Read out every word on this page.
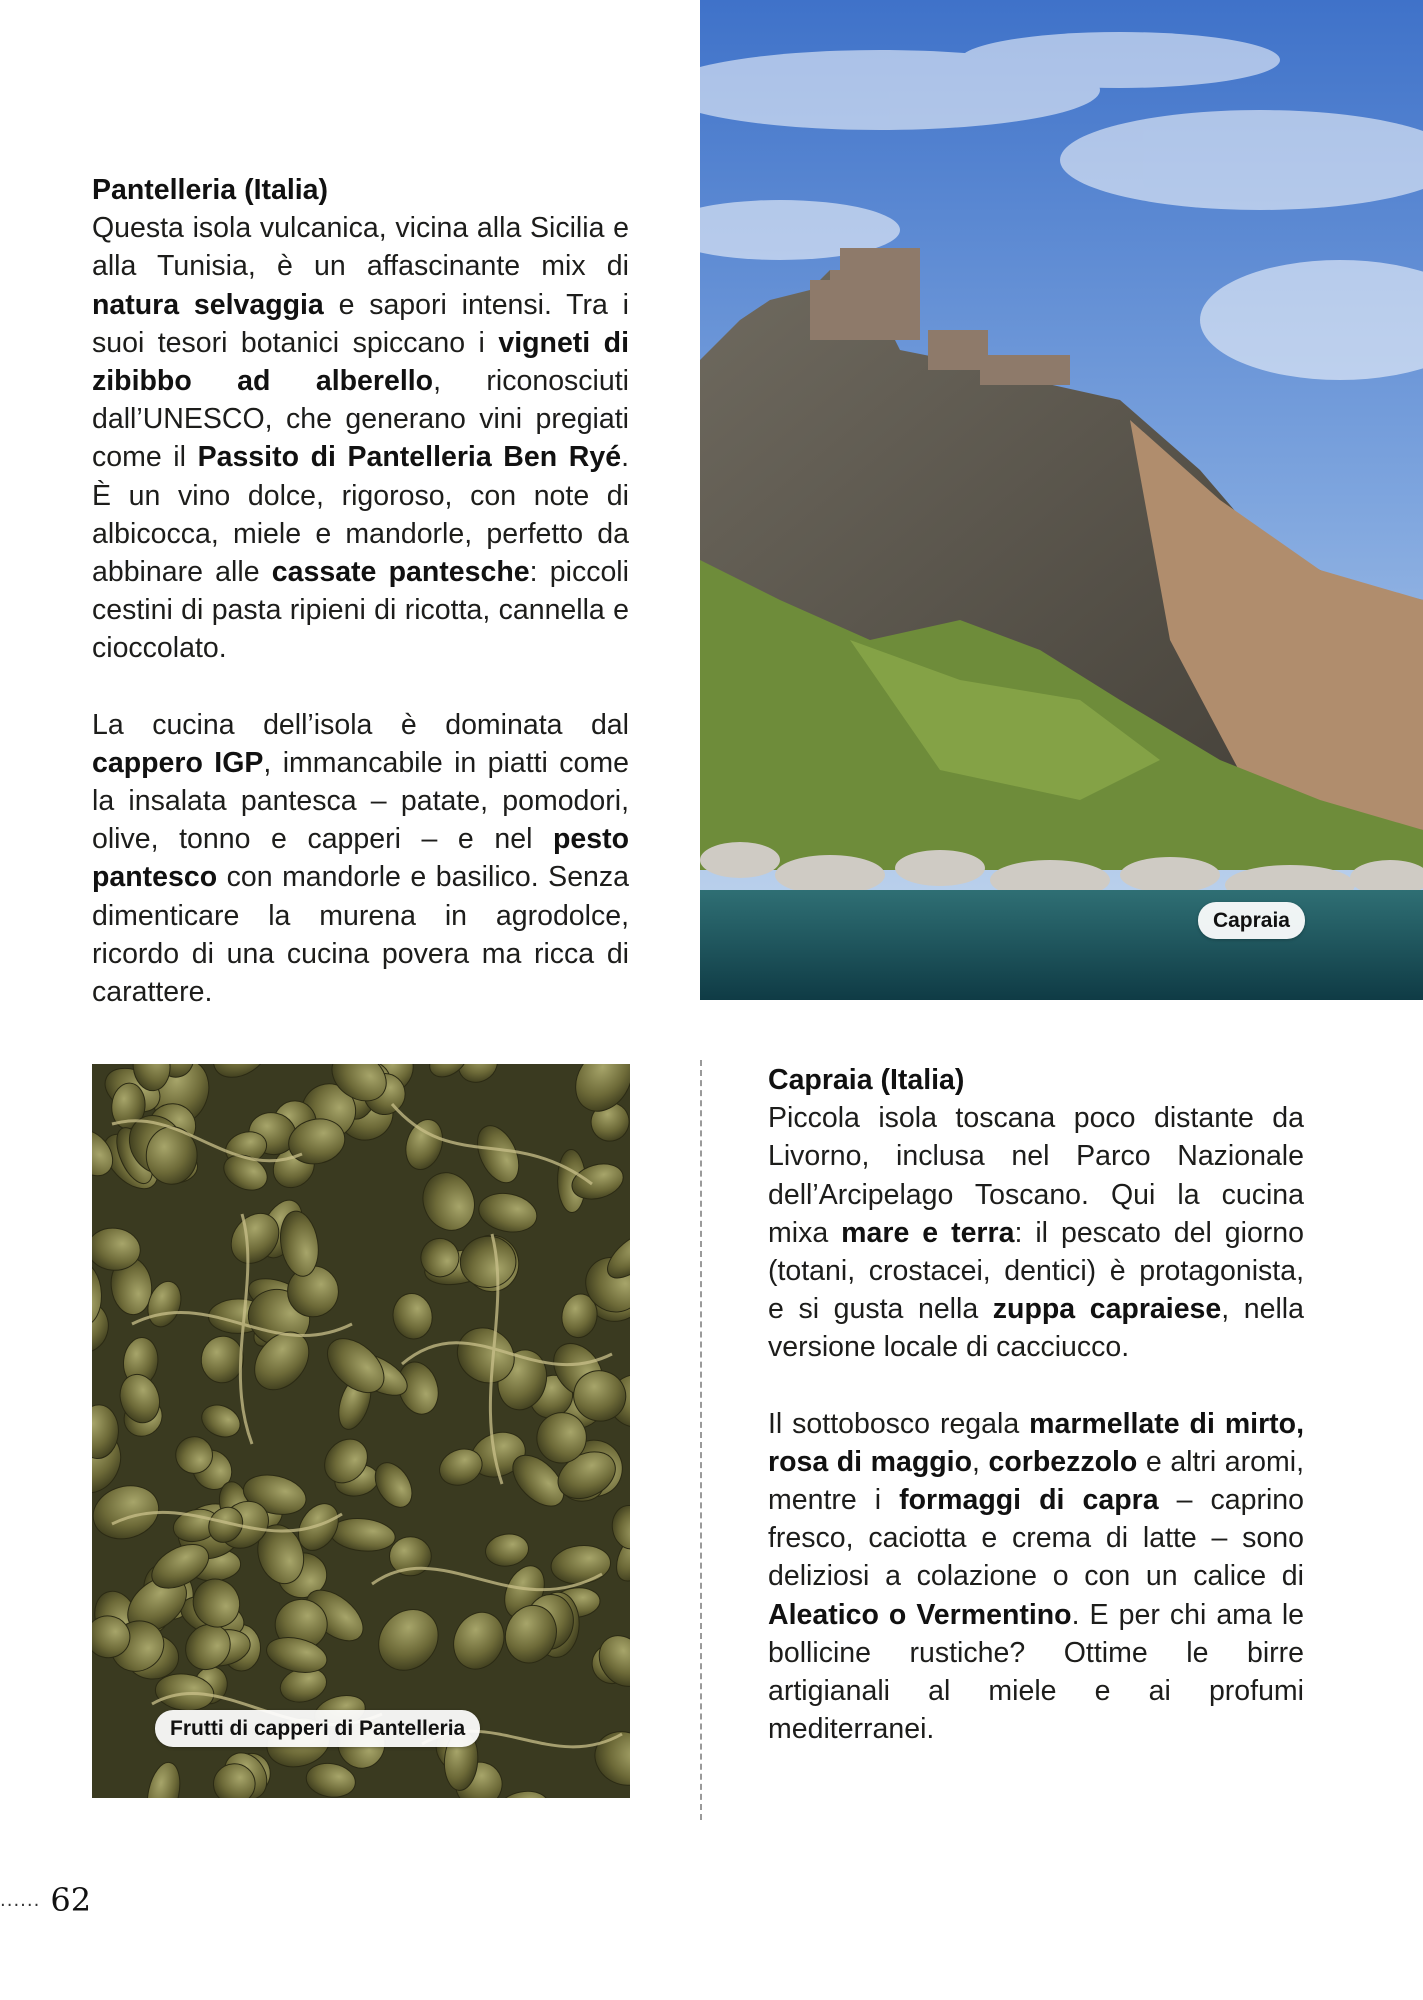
Pantelleria (Italia)

Questa isola vulcanica, vicina alla Sicilia e alla Tunisia, è un affascinante mix di natura selvaggia e sapori intensi. Tra i suoi tesori botanici spiccano i vigneti di zibibbo ad alberello, riconosciuti dall’UNESCO, che generano vini pregiati come il Passito di Pantelleria Ben Ryé. È un vino dolce, rigoroso, con note di albicocca, miele e mandorle, perfetto da abbinare alle cassate pantesche: piccoli cestini di pasta ripieni di ricotta, cannella e cioccolato.

La cucina dell’isola è dominata dal cappero IGP, immancabile in piatti come la insalata pantesca – patate, pomodori, olive, tonno e capperi – e nel pesto pantesco con mandorle e basilico. Senza dimenticare la murena in agrodolce, ricordo di una cucina povera ma ricca di carattere.

Capraia
Frutti di capperi di Pantelleria
Capraia (Italia)

Piccola isola toscana poco distante da Livorno, inclusa nel Parco Nazionale dell’Arcipelago Toscano. Qui la cucina mixa mare e terra: il pescato del giorno (totani, crostacei, dentici) è protagonista, e si gusta nella zuppa capraiese, nella versione locale di cacciucco.

Il sottobosco regala marmellate di mirto, rosa di maggio, corbezzolo e altri aromi, mentre i formaggi di capra – caprino fresco, caciotta e crema di latte – sono deliziosi a colazione o con un calice di Aleatico o Vermentino. E per chi ama le bollicine rustiche? Ottime le birre artigianali al miele e ai profumi mediterranei.

...... 62
